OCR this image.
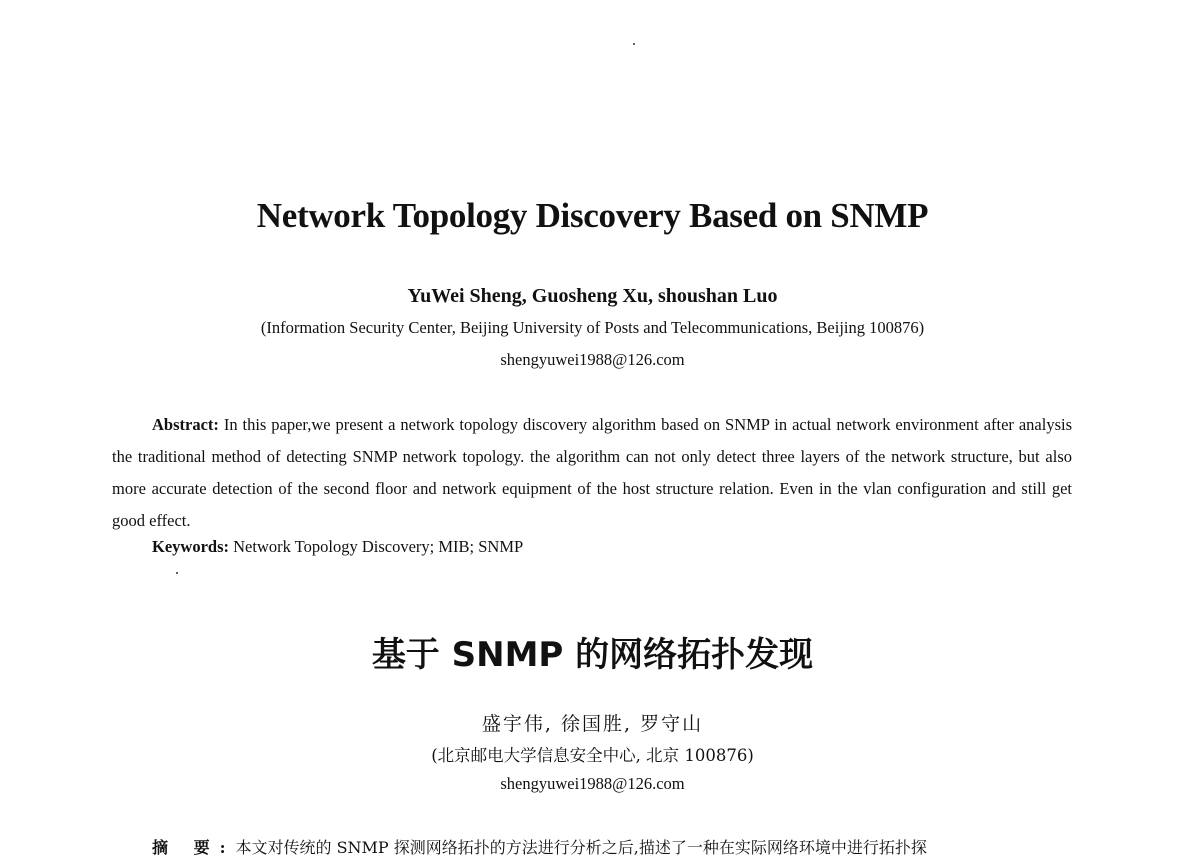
Network Topology Discovery Based on SNMP

YuWei Sheng, Guosheng Xu, shoushan Luo

(Information Security Center, Beijing University of Posts and Telecommunications, Beijing 100876)

shengyuwei1988@126.com

Abstract: In this paper,we present a network topology discovery algorithm based on SNMP in actual network environment after analysis the traditional method of detecting SNMP network topology. the algorithm can not only detect three layers of the network structure, but also more accurate detection of the second floor and network equipment of the host structure relation. Even in the vlan configuration and still get good effect.

Keywords: Network Topology Discovery; MIB; SNMP

基于 SNMP 的网络拓扑发现

盛宇伟, 徐国胜, 罗守山

(北京邮电大学信息安全中心, 北京 100876)

shengyuwei1988@126.com

摘 要:本文对传统的 SNMP 探测网络拓扑的方法进行分析之后,描述了一种在实际网络环境中进行拓扑探
